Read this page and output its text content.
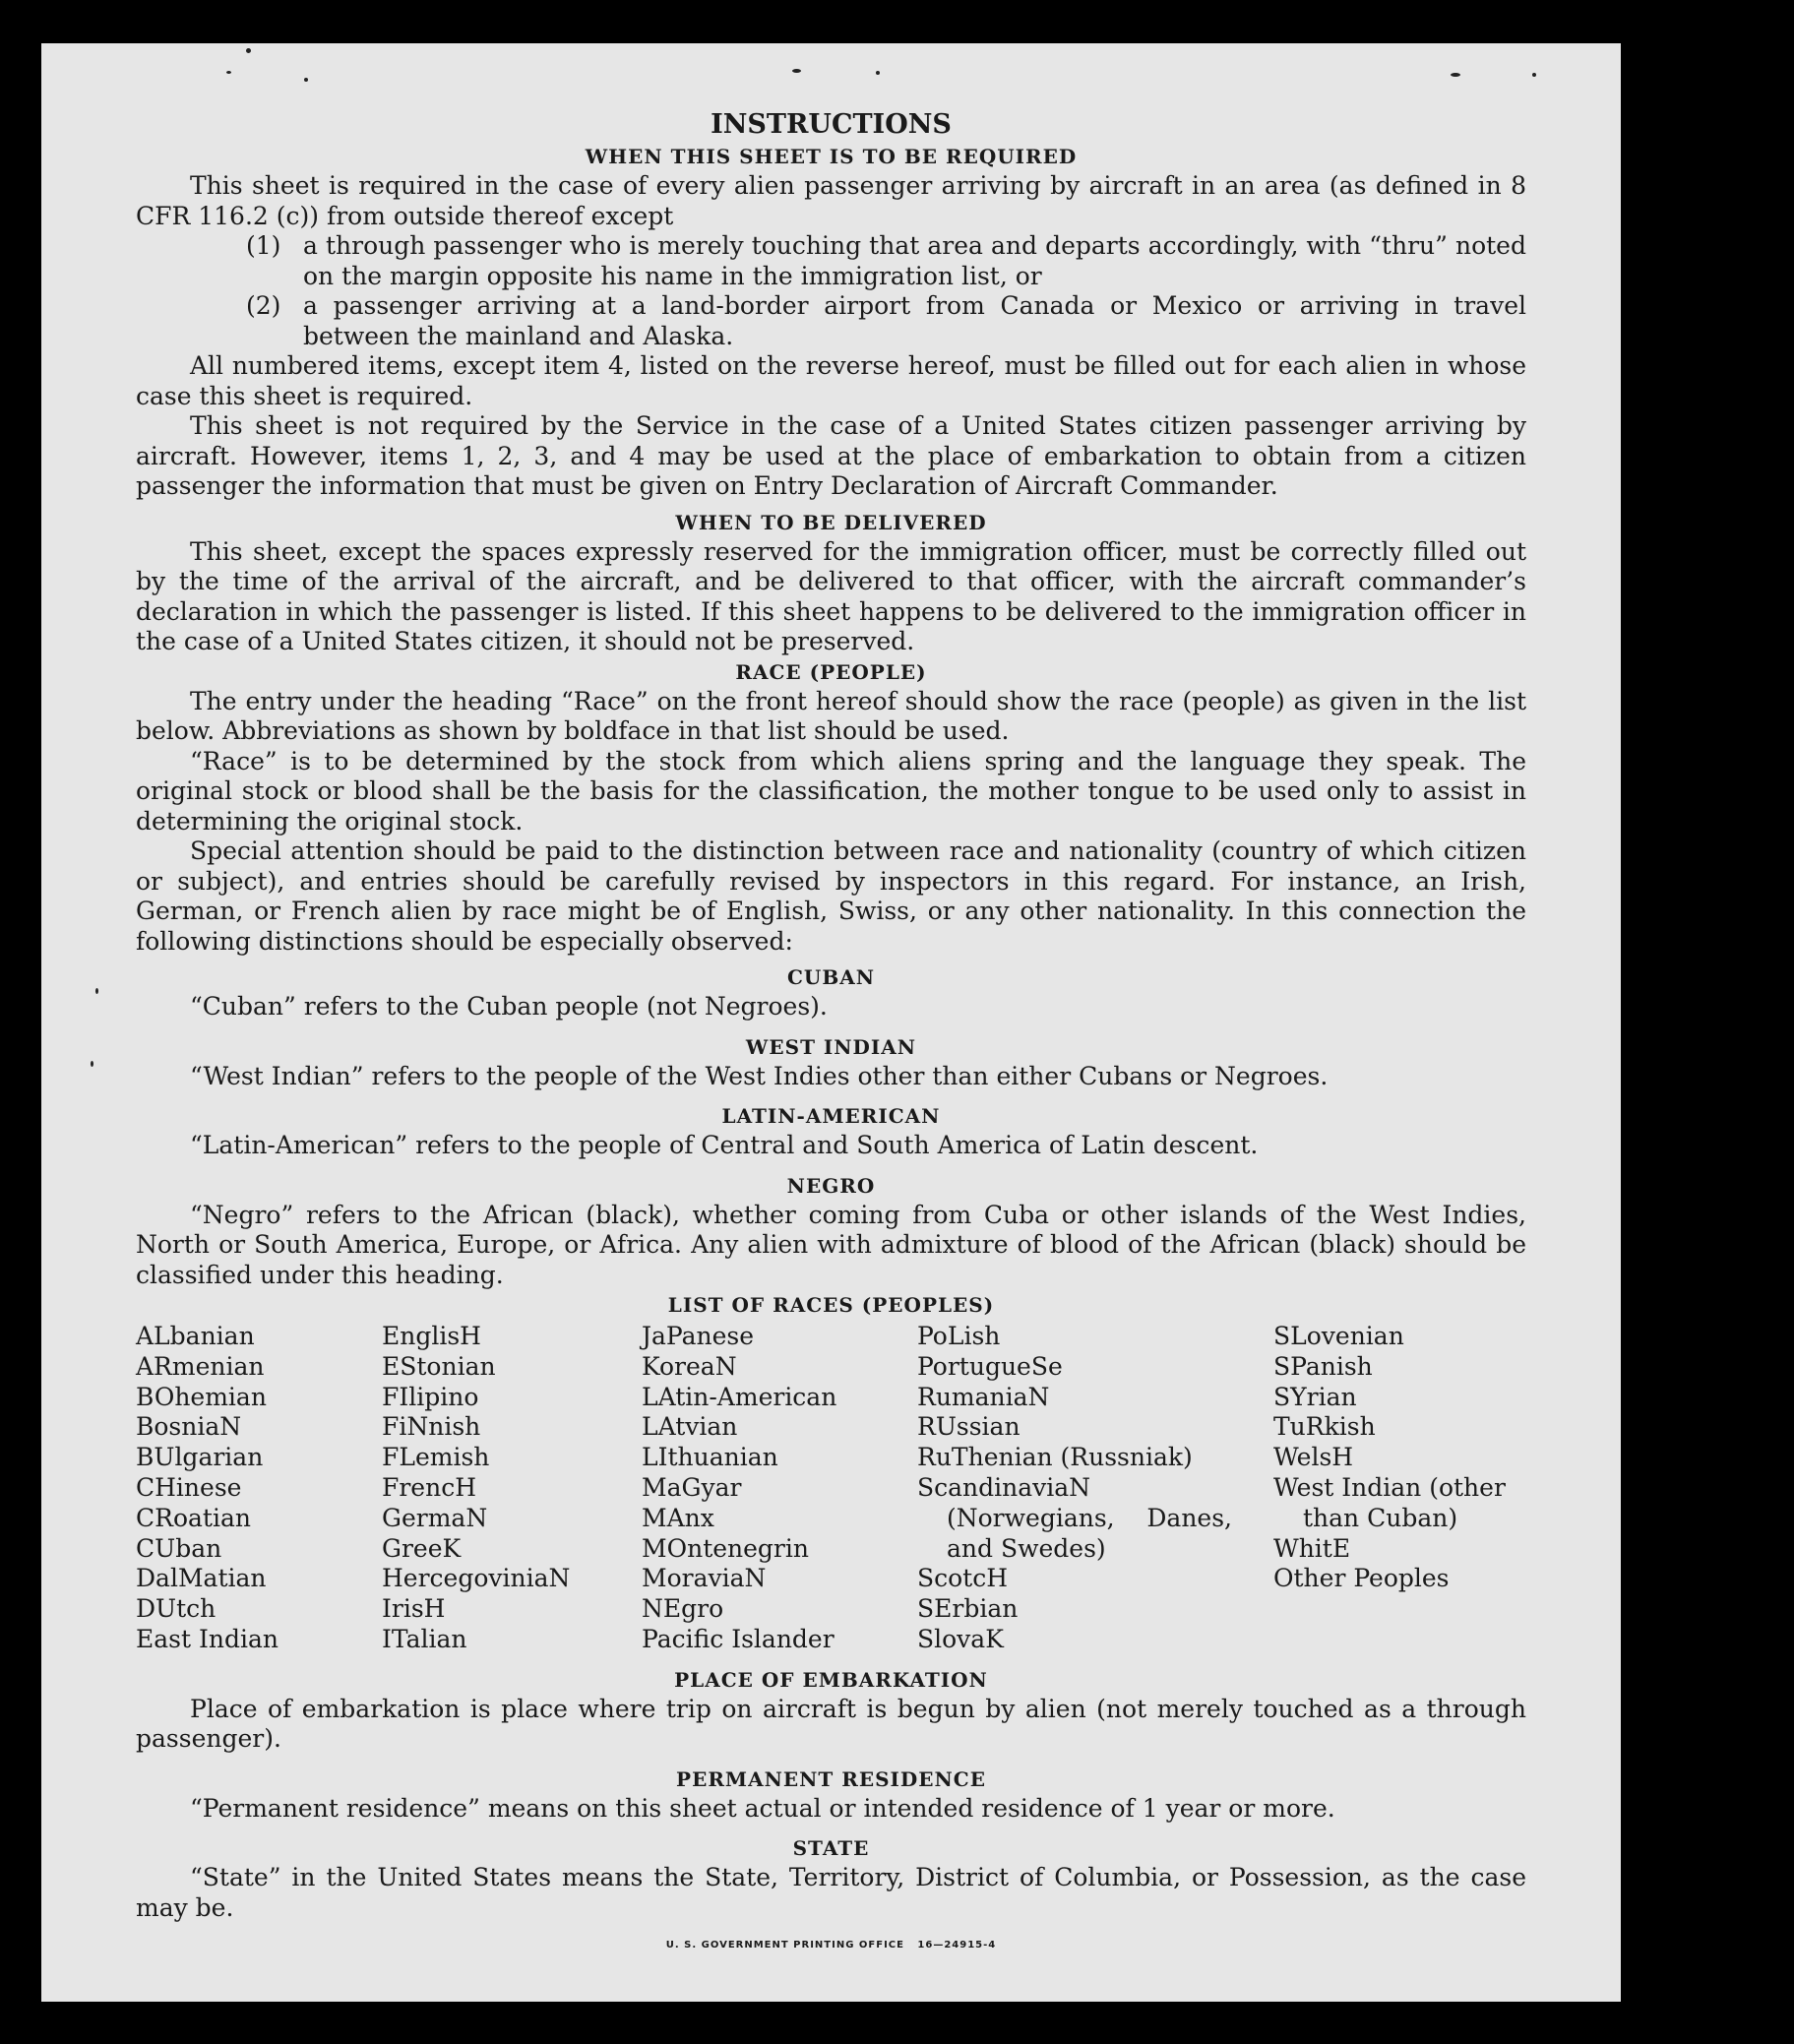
INSTRUCTIONS
WHEN THIS SHEET IS TO BE REQUIRED

This sheet is required in the case of every alien passenger arriving by aircraft in an area (as defined in 8 CFR 116.2 (c)) from outside thereof except

(1) a through passenger who is merely touching that area and departs accordingly, with “thru” noted on the margin opposite his name in the immigration list, or
(2) a passenger arriving at a land-border airport from Canada or Mexico or arriving in travel between the mainland and Alaska.

All numbered items, except item 4, listed on the reverse hereof, must be filled out for each alien in whose case this sheet is required.

This sheet is not required by the Service in the case of a United States citizen passenger arriving by aircraft. However, items 1, 2, 3, and 4 may be used at the place of embarkation to obtain from a citizen passenger the information that must be given on Entry Declaration of Aircraft Commander.

WHEN TO BE DELIVERED

This sheet, except the spaces expressly reserved for the immigration officer, must be correctly filled out by the time of the arrival of the aircraft, and be delivered to that officer, with the aircraft commander’s declaration in which the passenger is listed. If this sheet happens to be delivered to the immigration officer in the case of a United States citizen, it should not be preserved.

RACE (PEOPLE)

The entry under the heading “Race” on the front hereof should show the race (people) as given in the list below. Abbreviations as shown by boldface in that list should be used.

“Race” is to be determined by the stock from which aliens spring and the language they speak. The original stock or blood shall be the basis for the classification, the mother tongue to be used only to assist in determining the original stock.

Special attention should be paid to the distinction between race and nationality (country of which citizen or subject), and entries should be carefully revised by inspectors in this regard. For instance, an Irish, German, or French alien by race might be of English, Swiss, or any other nationality. In this connection the following distinctions should be especially observed:

CUBAN

“Cuban” refers to the Cuban people (not Negroes).

WEST INDIAN

“West Indian” refers to the people of the West Indies other than either Cubans or Negroes.

LATIN-AMERICAN

“Latin-American” refers to the people of Central and South America of Latin descent.

NEGRO

“Negro” refers to the African (black), whether coming from Cuba or other islands of the West Indies, North or South America, Europe, or Africa. Any alien with admixture of blood of the African (black) should be classified under this heading.

LIST OF RACES (PEOPLES)
ALbanian
ARmenian
BOhemian
BosniaN
BUlgarian
CHinese
CRoatian
CUban
DalMatian
DUtch
East Indian
EnglisH
EStonian
FIlipino
FiNnish
FLemish
FrencH
GermaN
GreeK
HercegoviniaN
IrisH
ITalian
JaPanese
KoreaN
LAtin-American
LAtvian
LIthuanian
MaGyar
MAnx
MOntenegrin
MoraviaN
NEgro
Pacific Islander
PoLish
PortugueSe
RumaniaN
RUssian
RuThenian (Russniak)
ScandinaviaN (Norwegians, Danes, and Swedes)
ScotcH
SErbian
SlovaK
SLovenian
SPanish
SYrian
TuRkish
WelsH
West Indian (other than Cuban)
WhitE
Other Peoples
PLACE OF EMBARKATION

Place of embarkation is place where trip on aircraft is begun by alien (not merely touched as a through passenger).

PERMANENT RESIDENCE

“Permanent residence” means on this sheet actual or intended residence of 1 year or more.

STATE

“State” in the United States means the State, Territory, District of Columbia, or Possession, as the case may be.

U. S. GOVERNMENT PRINTING OFFICE   16—24915-4
